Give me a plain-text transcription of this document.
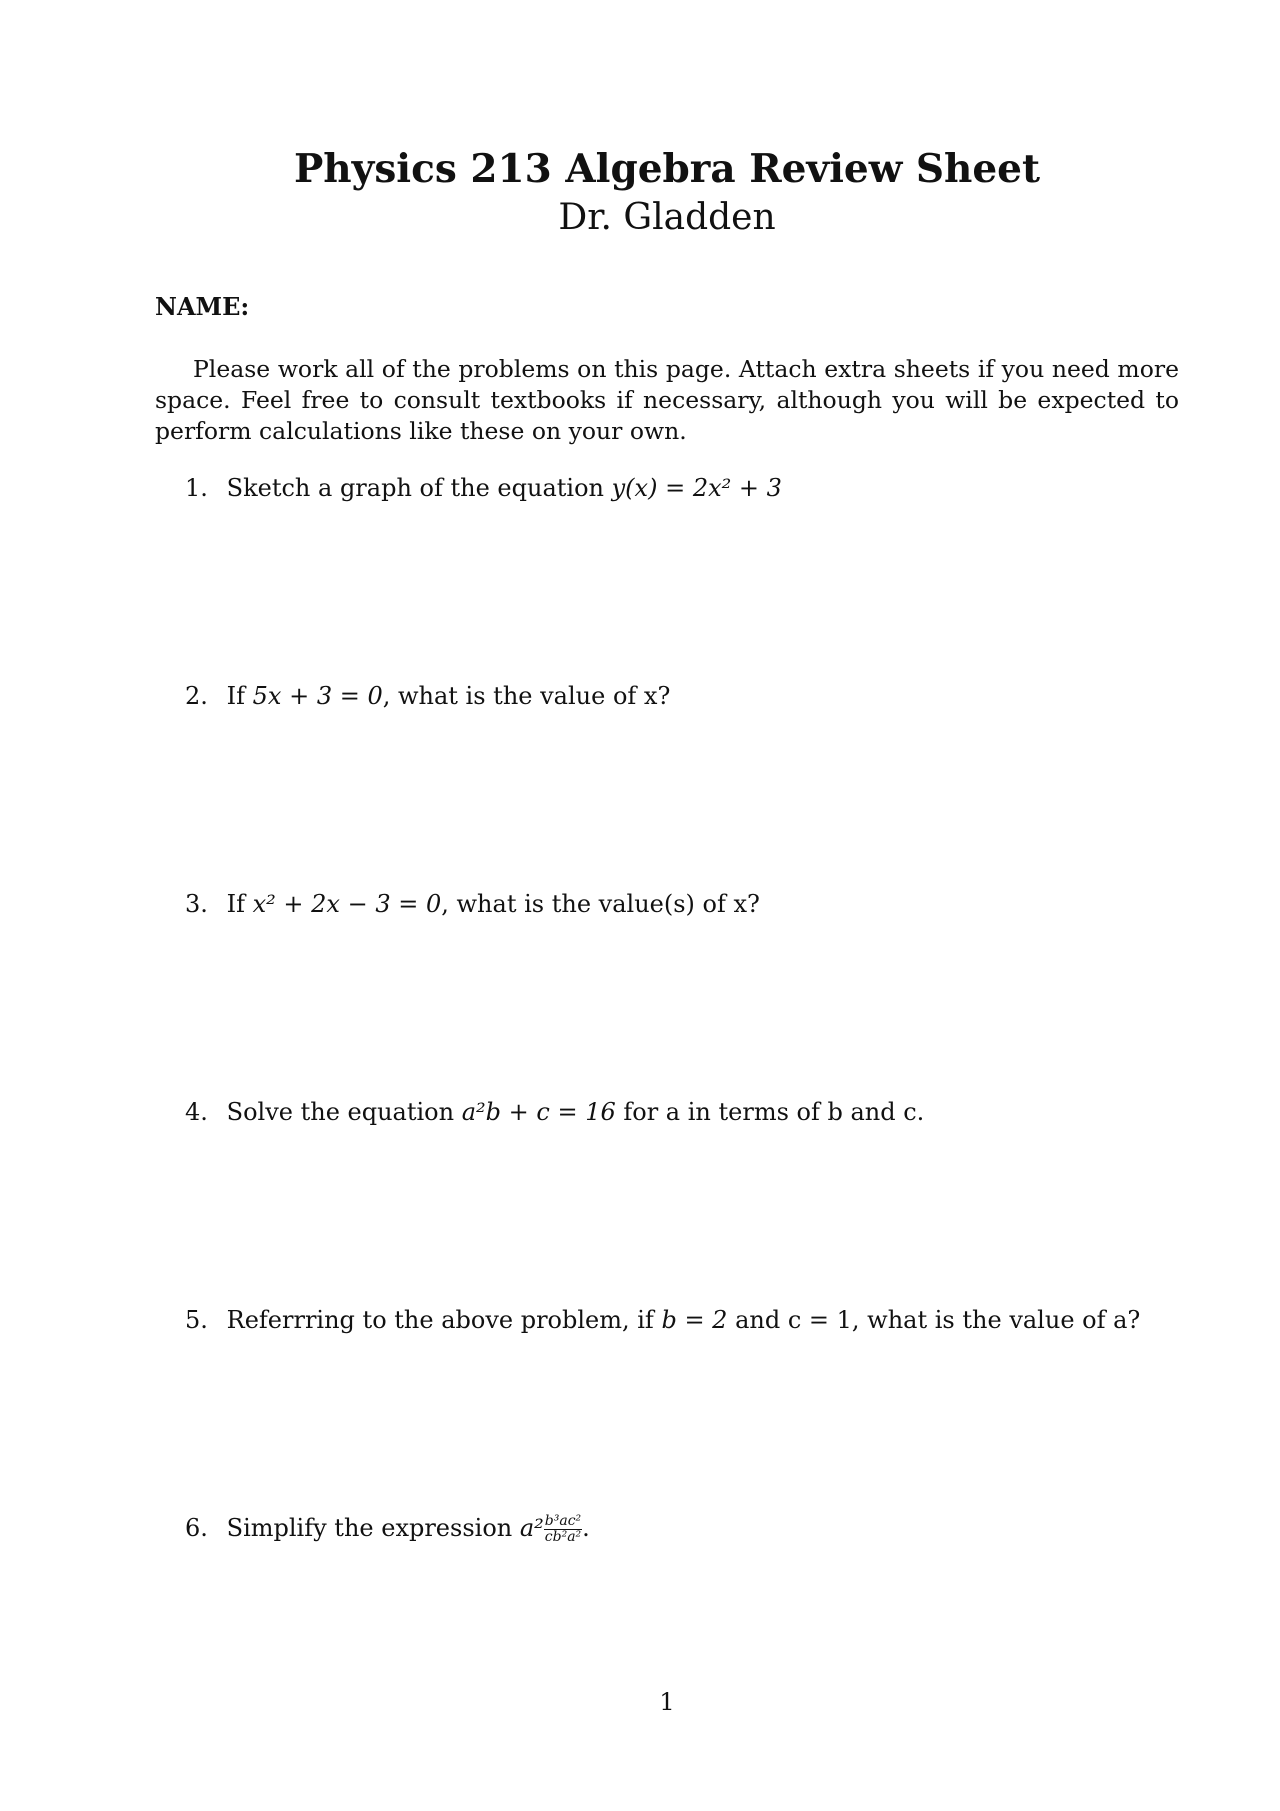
Physics 213 Algebra Review Sheet
Dr. Gladden
NAME:
Please work all of the problems on this page. Attach extra sheets if you need more space. Feel free to consult textbooks if necessary, although you will be expected to perform calculations like these on your own.
1. Sketch a graph of the equation y(x) = 2x² + 3
2. If 5x + 3 = 0, what is the value of x?
3. If x² + 2x − 3 = 0, what is the value(s) of x?
4. Solve the equation a²b + c = 16 for a in terms of b and c.
5. Referrring to the above problem, if b = 2 and c = 1, what is the value of a?
6. Simplify the expression $a^2 \frac{\text{b³ac²}}{\text{cb²a²}}$ .
1
